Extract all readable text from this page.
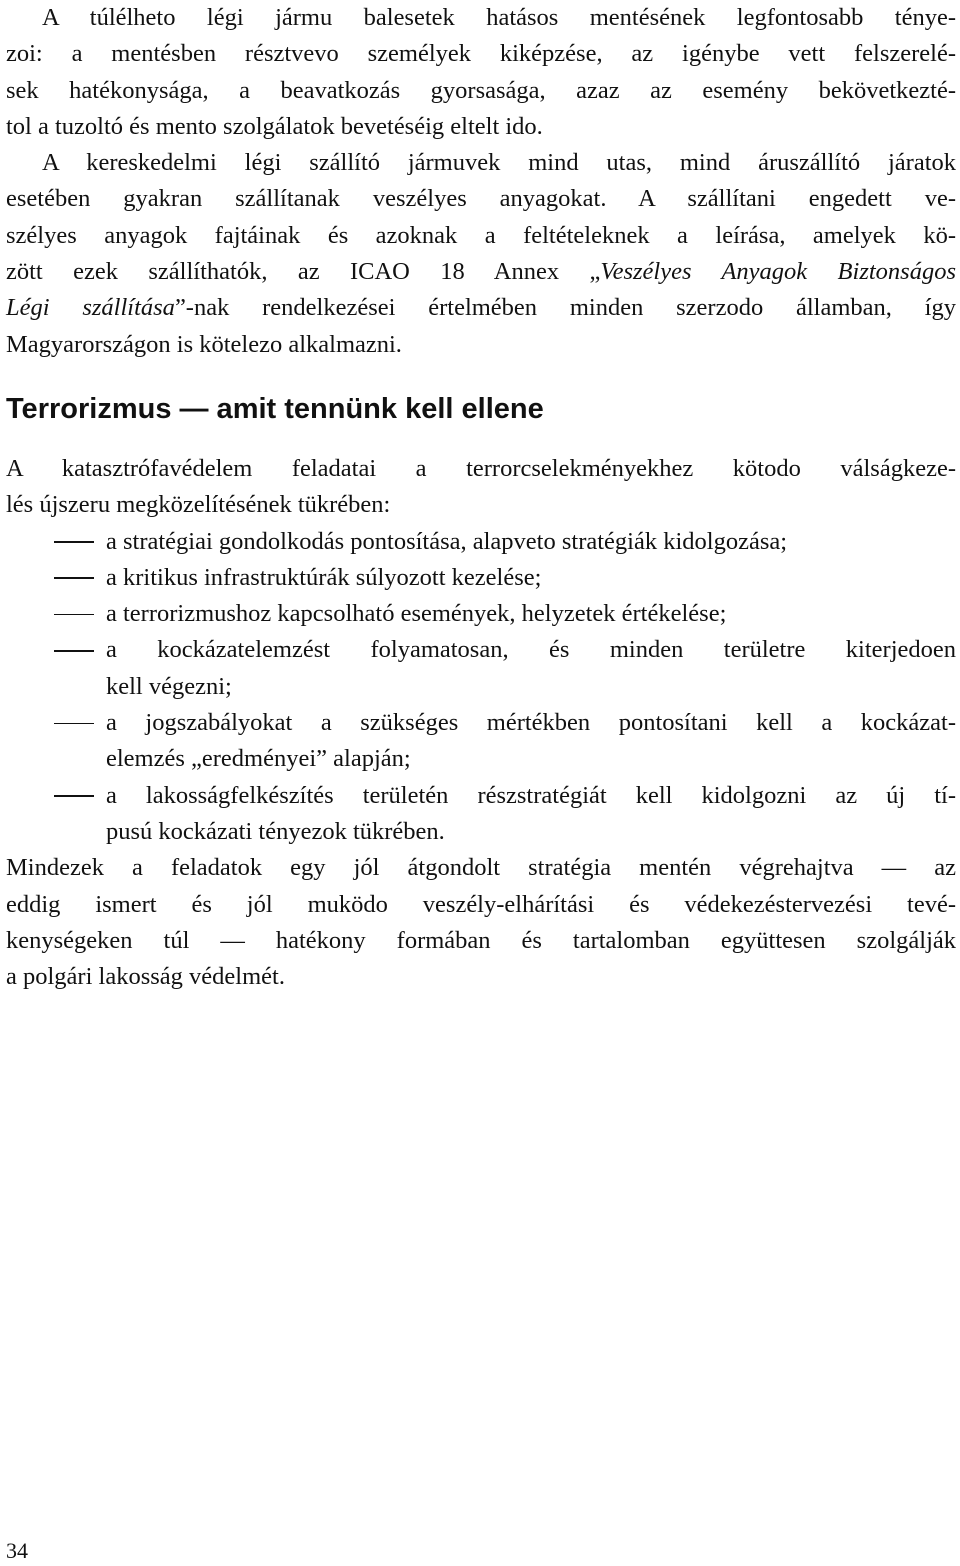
A túlélheto légi jármu balesetek hatásos mentésének legfontosabb ténye-
zoi: a mentésben résztvevo személyek kiképzése, az igénybe vett felszerelé-
sek hatékonysága, a beavatkozás gyorsasága, azaz az esemény bekövetkezté-
tol a tuzoltó és mento szolgálatok bevetéséig eltelt ido.
A kereskedelmi légi szállító jármuvek mind utas, mind áruszállító járatok
esetében gyakran szállítanak veszélyes anyagokat. A szállítani engedett ve-
szélyes anyagok fajtáinak és azoknak a feltételeknek a leírása, amelyek kö-
zött ezek szállíthatók, az ICAO 18 Annex „Veszélyes Anyagok Biztonságos
Légi szállítása”-nak rendelkezései értelmében minden szerzodo államban, így
Magyarországon is kötelezo alkalmazni.
Terrorizmus — amit tennünk kell ellene
A katasztrófavédelem feladatai a terrorcselekményekhez kötodo válságkeze-
lés újszeru megközelítésének tükrében:
a stratégiai gondolkodás pontosítása, alapveto stratégiák kidolgozása;
a kritikus infrastruktúrák súlyozott kezelése;
a terrorizmushoz kapcsolható események, helyzetek értékelése;
a kockázatelemzést folyamatosan, és minden területre kiterjedoen
kell végezni;
a jogszabályokat a szükséges mértékben pontosítani kell a kockázat-
elemzés „eredményei” alapján;
a lakosságfelkészítés területén részstratégiát kell kidolgozni az új tí-
pusú kockázati tényezok tükrében.
Mindezek a feladatok egy jól átgondolt stratégia mentén végrehajtva — az
eddig ismert és jól muködo veszély-elhárítási és védekezéstervezési tevé-
kenységeken túl — hatékony formában és tartalomban együttesen szolgálják
a polgári lakosság védelmét.
34
